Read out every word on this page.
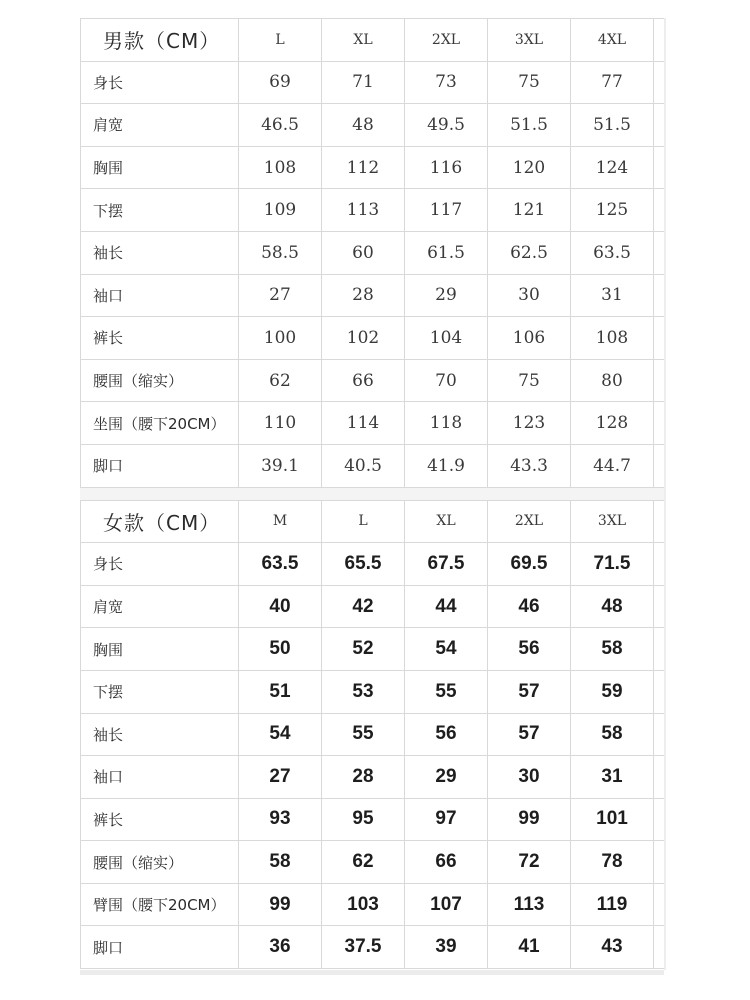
男款（CM）	L	XL	2XL	3XL	4XL	
身长	69	71	73	75	77	
肩宽	46.5	48	49.5	51.5	51.5	
胸围	108	112	116	120	124	
下摆	109	113	117	121	125	
袖长	58.5	60	61.5	62.5	63.5	
袖口	27	28	29	30	31	
裤长	100	102	104	106	108	
腰围（缩实）	62	66	70	75	80	
坐围（腰下20CM）	110	114	118	123	128	
脚口	39.1	40.5	41.9	43.3	44.7	
女款（CM）	M	L	XL	2XL	3XL	
身长	63.5	65.5	67.5	69.5	71.5	
肩宽	40	42	44	46	48	
胸围	50	52	54	56	58	
下摆	51	53	55	57	59	
袖长	54	55	56	57	58	
袖口	27	28	29	30	31	
裤长	93	95	97	99	101	
腰围（缩实）	58	62	66	72	78	
臂围（腰下20CM）	99	103	107	113	119	
脚口	36	37.5	39	41	43	
